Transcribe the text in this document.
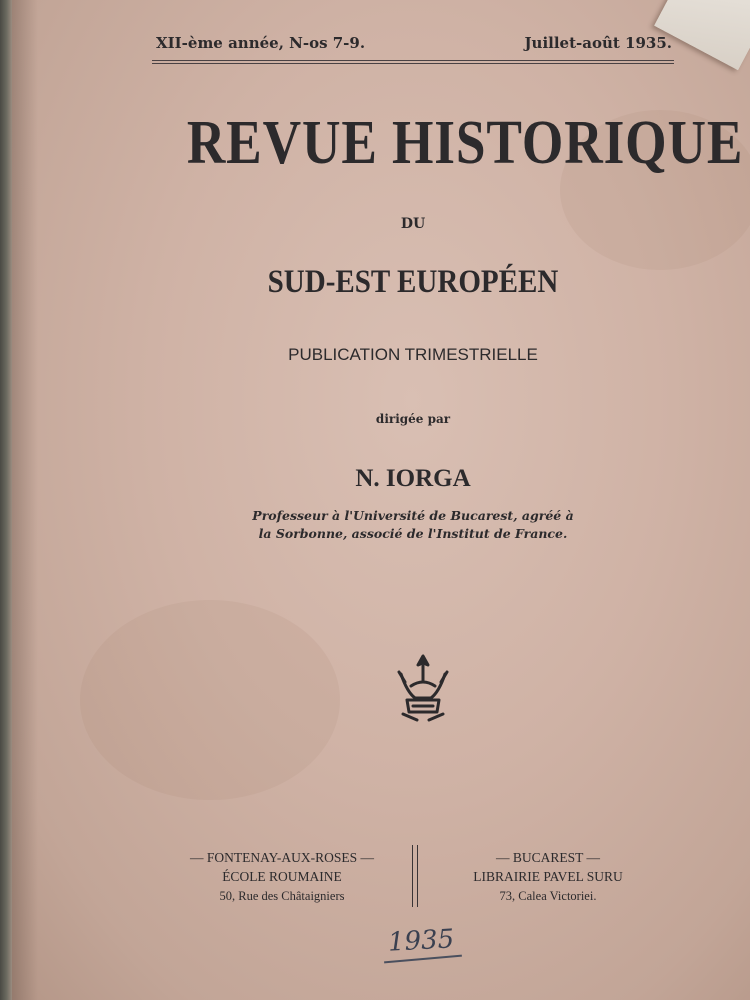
XII-ème année, N-os 7-9.	Juillet-août 1935.
REVUE HISTORIQUE
DU
SUD-EST EUROPÉEN
PUBLICATION TRIMESTRIELLE
dirigée par
N. IORGA
Professeur à l'Université de Bucarest, agréé à
la Sorbonne, associé de l'Institut de France.
— FONTENAY-AUX-ROSES —
ÉCOLE ROUMAINE
50, Rue des Châtaigniers
— BUCAREST —
LIBRAIRIE PAVEL SURU
73, Calea Victoriei.
1935
